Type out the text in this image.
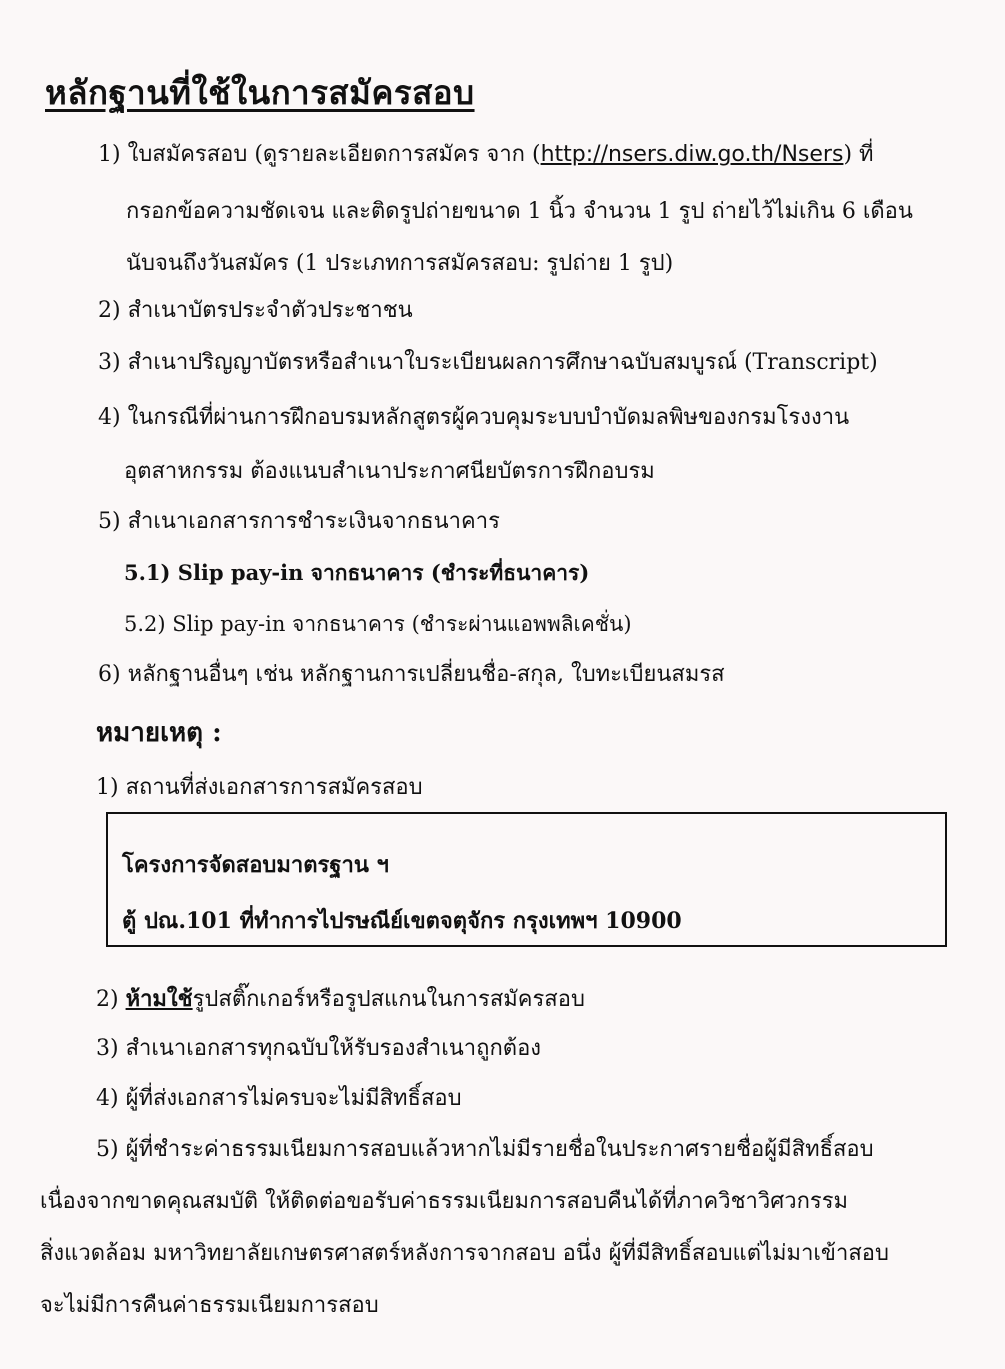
หลักฐานที่ใช้ในการสมัครสอบ
1) ใบสมัครสอบ (ดูรายละเอียดการสมัคร จาก (http://nsers.diw.go.th/Nsers) ที่
กรอกข้อความชัดเจน และติดรูปถ่ายขนาด 1 นิ้ว จำนวน 1 รูป ถ่ายไว้ไม่เกิน 6 เดือน
นับจนถึงวันสมัคร (1 ประเภทการสมัครสอบ: รูปถ่าย 1 รูป)
2) สำเนาบัตรประจำตัวประชาชน
3) สำเนาปริญญาบัตรหรือสำเนาใบระเบียนผลการศึกษาฉบับสมบูรณ์ (Transcript)
4) ในกรณีที่ผ่านการฝึกอบรมหลักสูตรผู้ควบคุมระบบบำบัดมลพิษของกรมโรงงาน
อุตสาหกรรม ต้องแนบสำเนาประกาศนียบัตรการฝึกอบรม
5) สำเนาเอกสารการชำระเงินจากธนาคาร
5.1) Slip pay-in จากธนาคาร (ชำระที่ธนาคาร)
5.2) Slip pay-in จากธนาคาร (ชำระผ่านแอพพลิเคชั่น)
6) หลักฐานอื่นๆ เช่น หลักฐานการเปลี่ยนชื่อ-สกุล, ใบทะเบียนสมรส
หมายเหตุ :
1) สถานที่ส่งเอกสารการสมัครสอบ
โครงการจัดสอบมาตรฐาน ฯ
ตู้ ปณ.101 ที่ทำการไปรษณีย์เขตจตุจักร กรุงเทพฯ 10900
2) ห้ามใช้รูปสติ๊กเกอร์หรือรูปสแกนในการสมัครสอบ
3) สำเนาเอกสารทุกฉบับให้รับรองสำเนาถูกต้อง
4) ผู้ที่ส่งเอกสารไม่ครบจะไม่มีสิทธิ์สอบ
5) ผู้ที่ชำระค่าธรรมเนียมการสอบแล้วหากไม่มีรายชื่อในประกาศรายชื่อผู้มีสิทธิ์สอบ
เนื่องจากขาดคุณสมบัติ ให้ติดต่อขอรับค่าธรรมเนียมการสอบคืนได้ที่ภาควิชาวิศวกรรม
สิ่งแวดล้อม มหาวิทยาลัยเกษตรศาสตร์หลังการจากสอบ อนึ่ง ผู้ที่มีสิทธิ์สอบแต่ไม่มาเข้าสอบ
จะไม่มีการคืนค่าธรรมเนียมการสอบ
